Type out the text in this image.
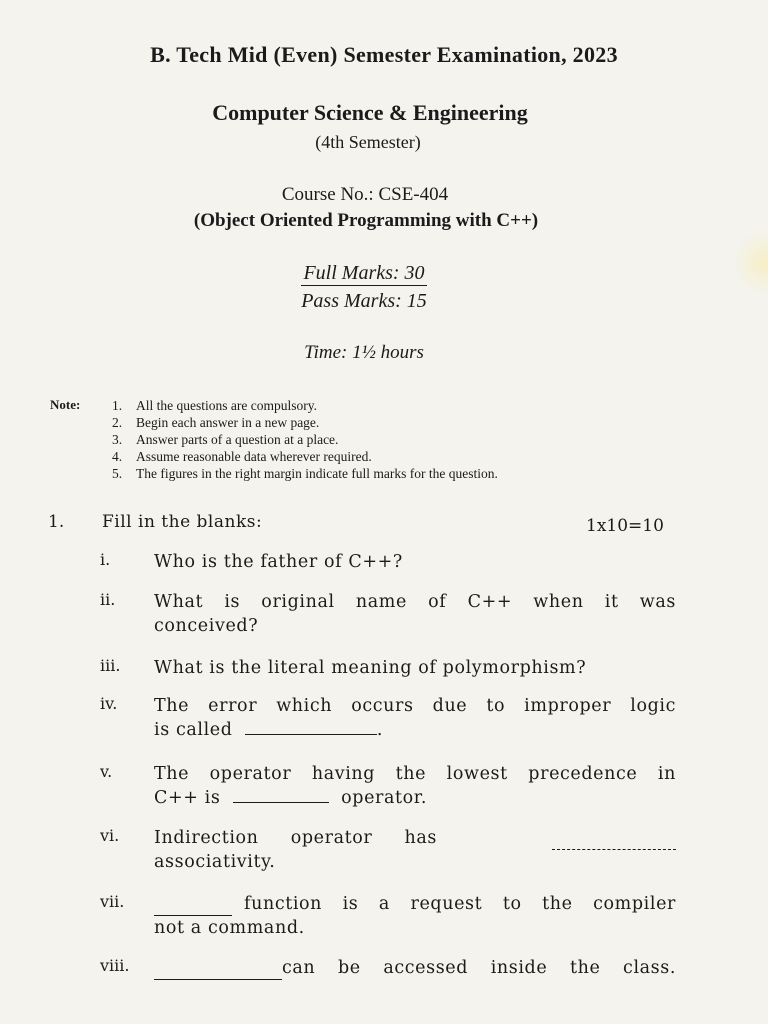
B. Tech Mid (Even) Semester Examination, 2023
Computer Science & Engineering
(4th Semester)
Course No.: CSE-404
(Object Oriented Programming with C++)
Full Marks: 30
Pass Marks: 15
Time: 1½ hours
Note: 1.	All the questions are compulsory.
2.	Begin each answer in a new page.
3.	Answer parts of a question at a place.
4.	Assume reasonable data wherever required.
5.	The figures in the right margin indicate full marks for the question.
1. Fill in the blanks:	1x10=10
i.	Who is the father of C++?
ii. What is original name of C++ when it was
conceived?
iii. What is the literal meaning of polymorphism?
iv. The error which occurs due to improper logic
is called	.
v. The operator having the lowest precedence in
C++ is	operator.
vi. Indirection operator has
associativity.
vii.	function is a request to the compiler
not a command.
viii.	can be accessed inside the class.
